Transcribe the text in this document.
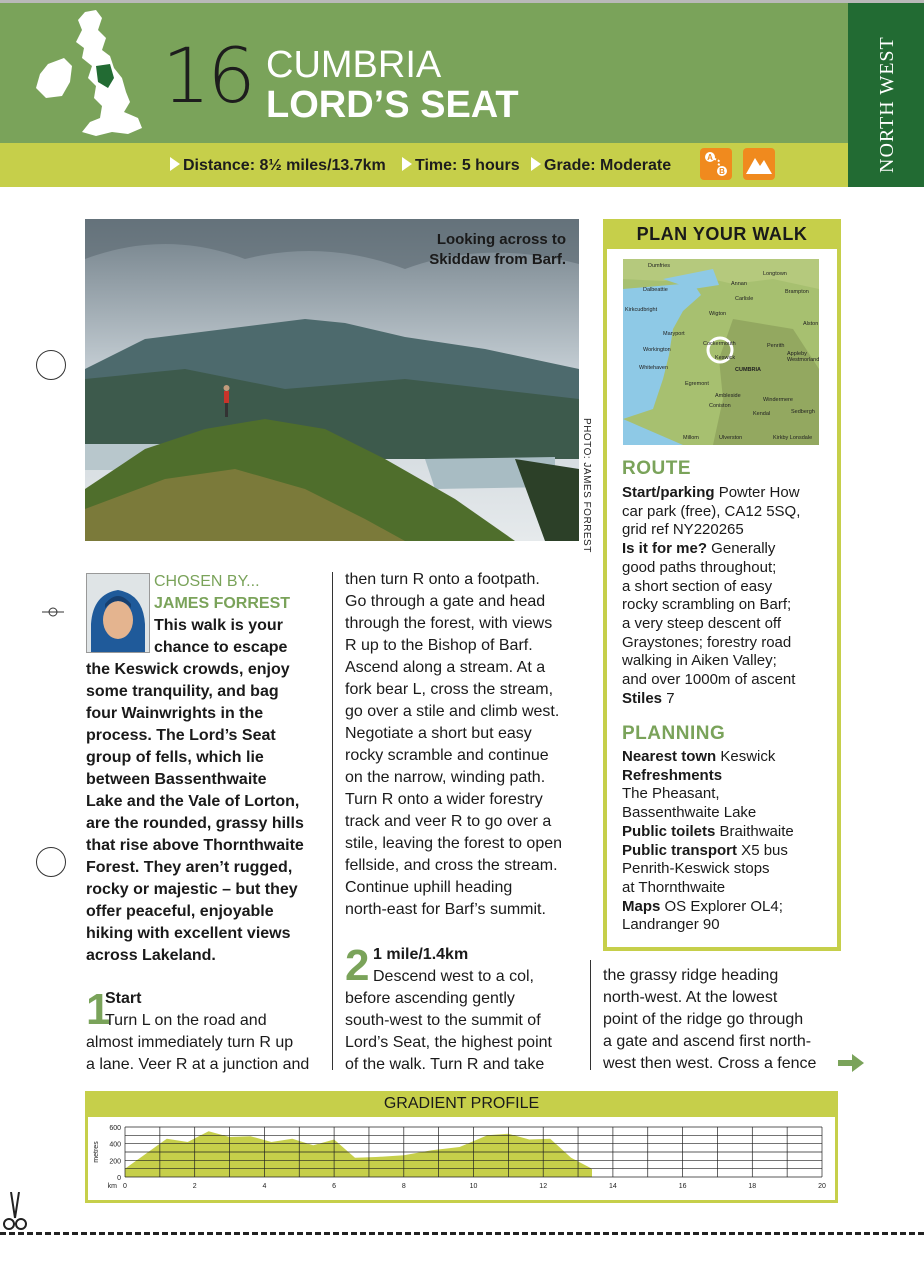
NORTH WEST
16 CUMBRIA
LORD’S SEAT
Distance: 8½ miles/13.7km	Time: 5 hours	Grade: Moderate	A
B
Looking across to
Skiddaw from Barf.
PHOTO: JAMES FORREST
CHOSEN BY...
JAMES FORREST
This walk is your
chance to escape
the Keswick crowds, enjoy
some tranquility, and bag
four Wainwrights in the
process. The Lord’s Seat
group of fells, which lie
between Bassenthwaite
Lake and the Vale of Lorton,
are the rounded, grassy hills
that rise above Thornthwaite
Forest. They aren’t rugged,
rocky or majestic – but they
offer peaceful, enjoyable
hiking with excellent views
across Lakeland.
1
Start
Turn L on the road and
almost immediately turn R up
a lane. Veer R at a junction and
then turn R onto a footpath.
Go through a gate and head
through the forest, with views
R up to the Bishop of Barf.
Ascend along a stream. At a
fork bear L, cross the stream,
go over a stile and climb west.
Negotiate a short but easy
rocky scramble and continue
on the narrow, winding path.
Turn R onto a wider forestry
track and veer R to go over a
stile, leaving the forest to open
fellside, and cross the stream.
Continue uphill heading
north-east for Barf’s summit.
2 1 mile/1.4km
Descend west to a col,
before ascending gently
south-west to the summit of
Lord’s Seat, the highest point
of the walk. Turn R and take
the grassy ridge heading
north-west. At the lowest
point of the ridge go through
a gate and ascend first north-
west then west. Cross a fence
PLAN YOUR WALK
Dumfries
Dalbeattie
Longtown
Annan
Carlisle
Brampton
Kirkcudbright
Wigton
Maryport
Workington
Cockermouth
Keswick
Penrith
Appleby
Whitehaven	CUMBRIA
Egremont
Ambleside
Windermere
Coniston
Kendal	Sedbergh
Millom	Ulverston	Kirkby Lonsdale
Alston
Westmorland
ROUTE
Start/parking Powter How
car park (free), CA12 5SQ,
grid ref NY220265
Is it for me? Generally
good paths throughout;
a short section of easy
rocky scrambling on Barf;
a very steep descent off
Graystones; forestry road
walking in Aiken Valley;
and over 1000m of ascent
Stiles 7
PLANNING
Nearest town Keswick
Refreshments
The Pheasant,
Bassenthwaite Lake
Public toilets Braithwaite
Public transport X5 bus
Penrith-Keswick stops
at Thornthwaite
Maps OS Explorer OL4;
Landranger 90
GRADIENT PROFILE
0
200
400
600
0	2	4	6	8	10	12	14	16	18	20
km
metres
